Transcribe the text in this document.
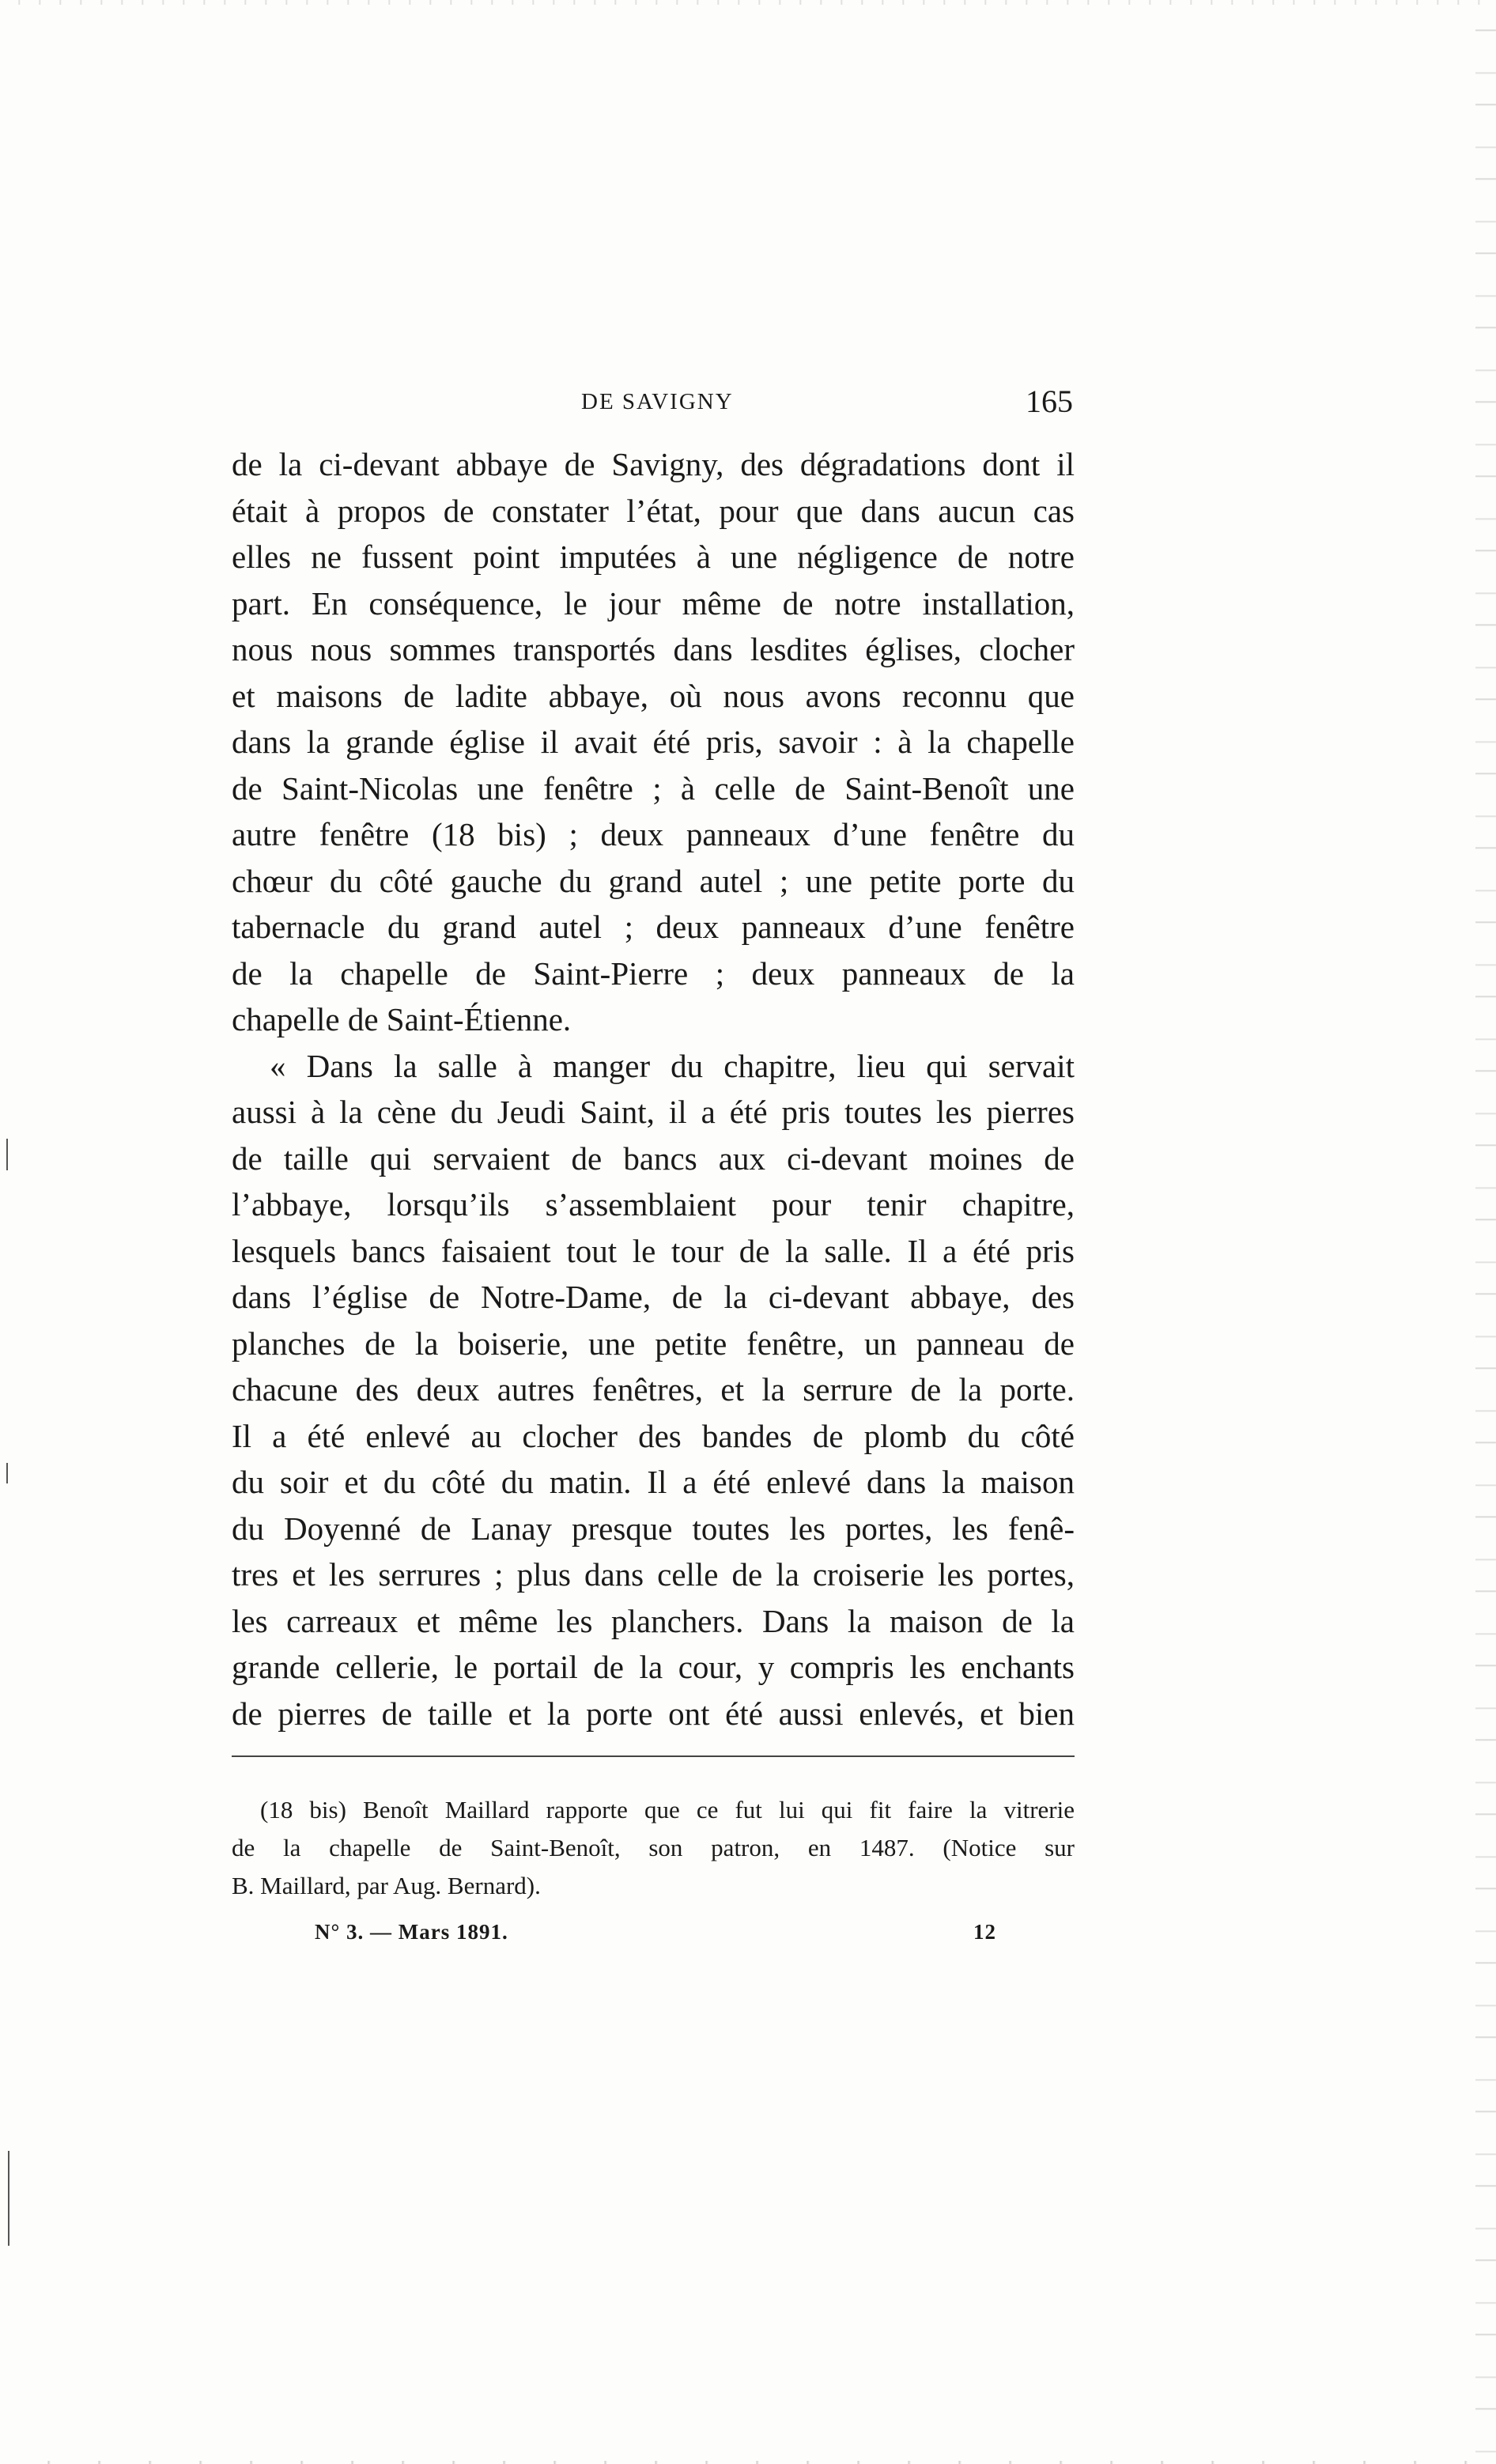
DE SAVIGNY	165
de la ci-devant abbaye de Savigny, des dégradations dont il
était à propos de constater l’état, pour que dans aucun cas
elles ne fussent point imputées à une négligence de notre
part. En conséquence, le jour même de notre installation,
nous nous sommes transportés dans lesdites églises, clocher
et maisons de ladite abbaye, où nous avons reconnu que
dans la grande église il avait été pris, savoir : à la chapelle
de Saint-Nicolas une fenêtre ; à celle de Saint-Benoît une
autre fenêtre (18 bis) ; deux panneaux d’une fenêtre du
chœur du côté gauche du grand autel ; une petite porte du
tabernacle du grand autel ; deux panneaux d’une fenêtre
de la chapelle de Saint-Pierre ; deux panneaux de la
chapelle de Saint-Étienne.
« Dans la salle à manger du chapitre, lieu qui servait
aussi à la cène du Jeudi Saint, il a été pris toutes les pierres
de taille qui servaient de bancs aux ci-devant moines de
l’abbaye, lorsqu’ils s’assemblaient pour tenir chapitre,
lesquels bancs faisaient tout le tour de la salle. Il a été pris
dans l’église de Notre-Dame, de la ci-devant abbaye, des
planches de la boiserie, une petite fenêtre, un panneau de
chacune des deux autres fenêtres, et la serrure de la porte.
Il a été enlevé au clocher des bandes de plomb du côté
du soir et du côté du matin. Il a été enlevé dans la maison
du Doyenné de Lanay presque toutes les portes, les fenê-
tres et les serrures ; plus dans celle de la croiserie les portes,
les carreaux et même les planchers. Dans la maison de la
grande cellerie, le portail de la cour, y compris les enchants
de pierres de taille et la porte ont été aussi enlevés, et bien
(18 bis) Benoît Maillard rapporte que ce fut lui qui fit faire la vitrerie
de la chapelle de Saint-Benoît, son patron, en 1487. (Notice sur
B. Maillard, par Aug. Bernard).
N° 3. — Mars 1891.	12
